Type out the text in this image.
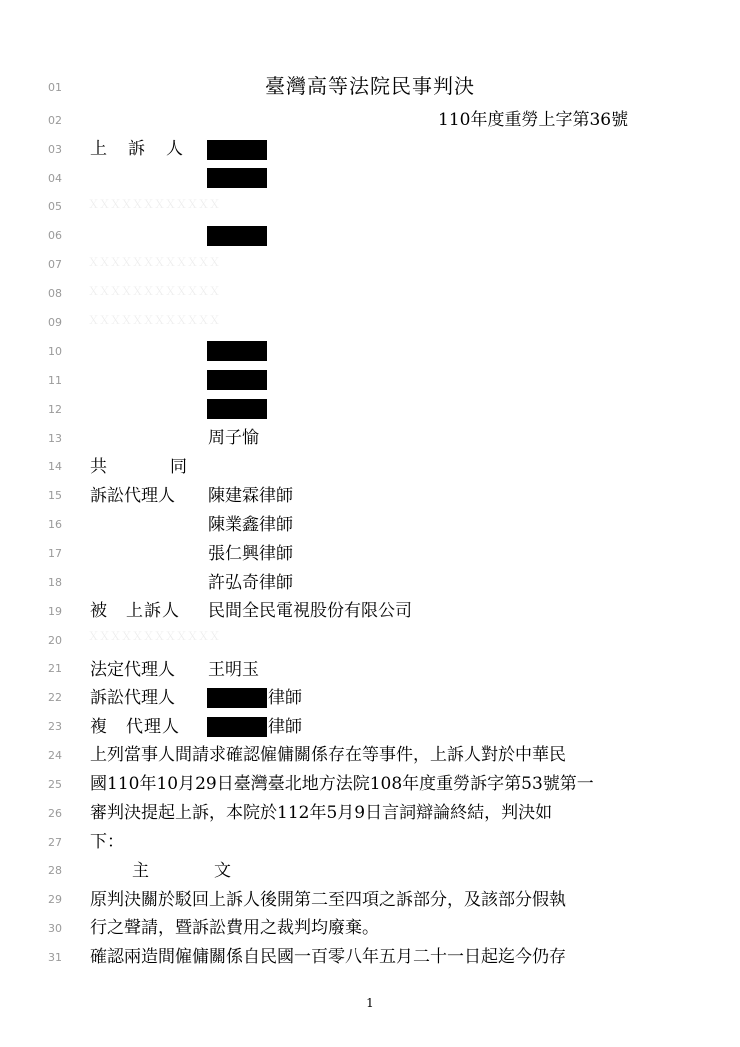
01
02
03
04
05
06
07
08
09
10
11
12
13
14
15
16
17
18
19
20
21
22
23
24
25
26
27
28
29
30
31
臺灣高等法院民事判決
110年度重勞上字第36號
上　訴　人
ＸＸＸＸＸＸＸＸＸＸＸＸ
ＸＸＸＸＸＸＸＸＸＸＸＸ
ＸＸＸＸＸＸＸＸＸＸＸＸ
ＸＸＸＸＸＸＸＸＸＸＸＸ
周子愉
共	同
訴訟代理人 陳建霖律師
陳業鑫律師
張仁興律師
許弘奇律師
被　上訴人 民間全民電視股份有限公司
ＸＸＸＸＸＸＸＸＸＸＸＸ
法定代理人 王明玉
訴訟代理人	律師
複　代理人	律師
上列當事人間請求確認僱傭關係存在等事件，上訴人對於中華民
國110年10月29日臺灣臺北地方法院108年度重勞訴字第53號第一
審判決提起上訴，本院於112年5月9日言詞辯論終結，判決如
下：
主	文
原判決關於駁回上訴人後開第二至四項之訴部分，及該部分假執
行之聲請，暨訴訟費用之裁判均廢棄。
確認兩造間僱傭關係自民國一百零八年五月二十一日起迄今仍存
1
